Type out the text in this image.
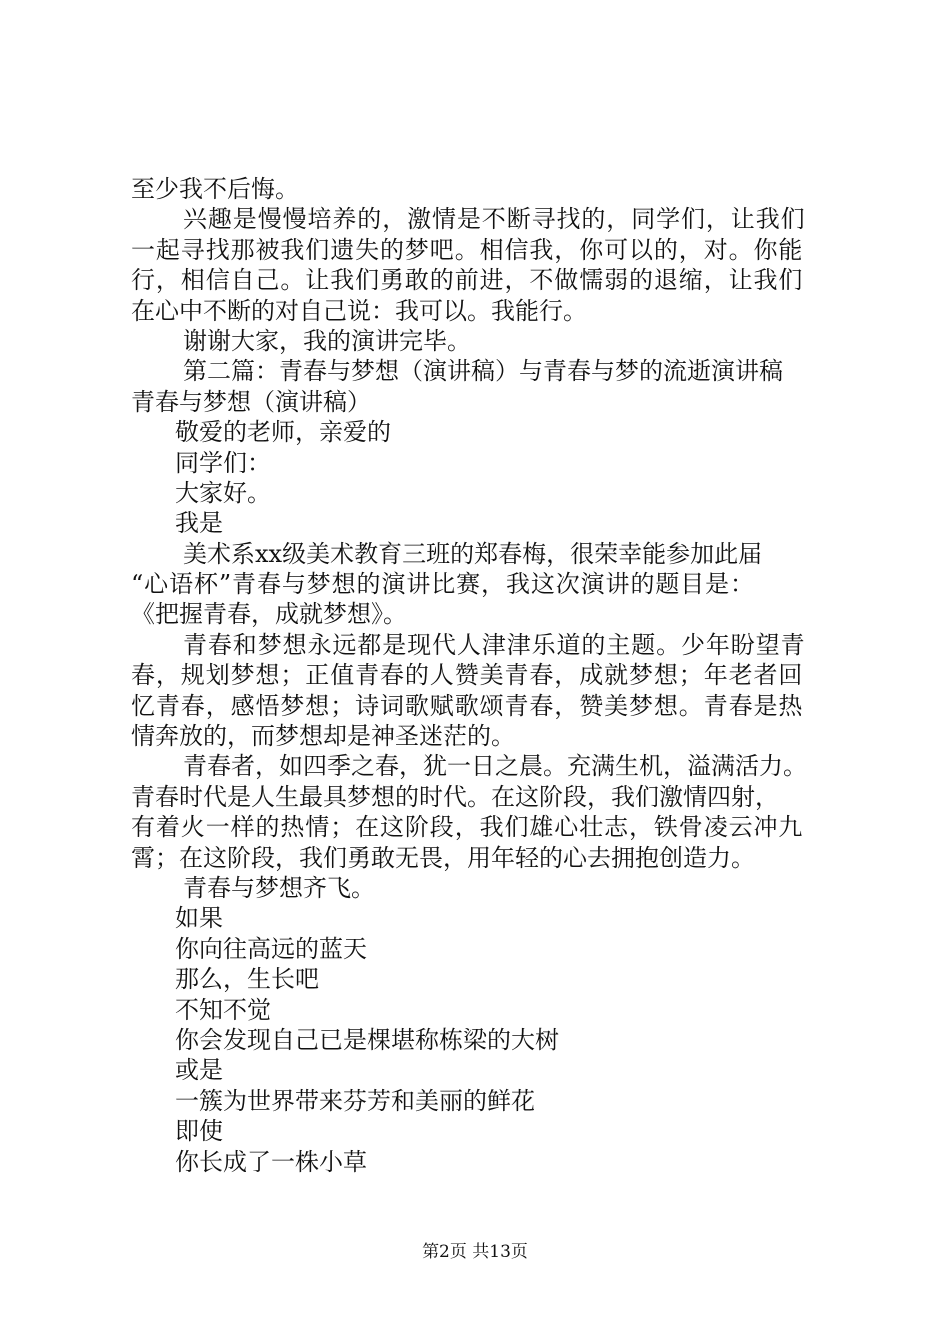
至少我不后悔。
兴趣是慢慢培养的，激情是不断寻找的，同学们，让我们
一起寻找那被我们遗失的梦吧。相信我，你可以的，对。你能
行，相信自己。让我们勇敢的前进，不做懦弱的退缩，让我们
在心中不断的对自己说：我可以。我能行。
谢谢大家，我的演讲完毕。
第二篇：青春与梦想（演讲稿）与青春与梦的流逝演讲稿
青春与梦想（演讲稿）
敬爱的老师，亲爱的
同学们：
大家好。
我是
美术系xx级美术教育三班的郑春梅，很荣幸能参加此届
“心语杯”青春与梦想的演讲比赛，我这次演讲的题目是：
《把握青春，成就梦想》。
青春和梦想永远都是现代人津津乐道的主题。少年盼望青
春，规划梦想；正值青春的人赞美青春，成就梦想；年老者回
忆青春，感悟梦想；诗词歌赋歌颂青春，赞美梦想。青春是热
情奔放的，而梦想却是神圣迷茫的。
青春者，如四季之春，犹一日之晨。充满生机，溢满活力。
青春时代是人生最具梦想的时代。在这阶段，我们激情四射，
有着火一样的热情；在这阶段，我们雄心壮志，铁骨凌云冲九
霄；在这阶段，我们勇敢无畏，用年轻的心去拥抱创造力。
青春与梦想齐飞。
如果
你向往高远的蓝天
那么，生长吧
不知不觉
你会发现自己已是棵堪称栋梁的大树
或是
一簇为世界带来芬芳和美丽的鲜花
即使
你长成了一株小草
第2页 共13页
